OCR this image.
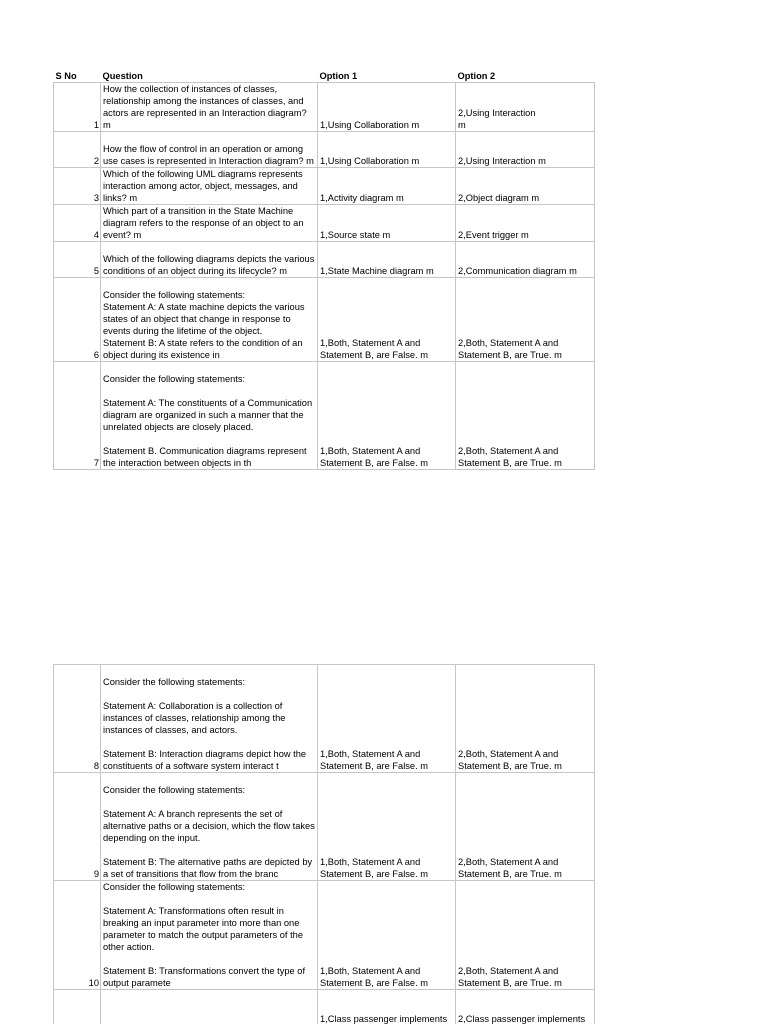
S No	Question	Option 1	Option 2
1	How the collection of instances of classes, relationship among the instances of classes, and actors are represented in an Interaction diagram? m	1,Using Collaboration m	2,Using Interaction
m
2	How the flow of control in an operation or among use cases is represented in Interaction diagram? m	1,Using Collaboration m	2,Using Interaction m
3	Which of the following UML diagrams represents interaction among actor, object, messages, and links? m	1,Activity diagram m	2,Object diagram m
4	Which part of a transition in the State Machine diagram refers to the response of an object to an event? m	1,Source state m	2,Event trigger m
5	Which of the following diagrams depicts the various conditions of an object during its lifecycle? m	1,State Machine diagram m	2,Communication diagram m
6	Consider the following statements:
Statement A: A state machine depicts the various states of an object that change in response to events during the lifetime of the object.
Statement B: A state refers to the condition of an object during its existence in	1,Both, Statement A and Statement B, are False. m	2,Both, Statement A and Statement B, are True. m
7	Consider the following statements:

Statement A: The constituents of a Communication diagram are organized in such a manner that the unrelated objects are closely placed.

Statement B. Communication diagrams represent the interaction between objects in th	1,Both, Statement A and Statement B, are False. m	2,Both, Statement A and Statement B, are True. m
8	Consider the following statements:

Statement A: Collaboration is a collection of instances of classes, relationship among the instances of classes, and actors.

Statement B: Interaction diagrams depict how the constituents of a software system interact t	1,Both, Statement A and Statement B, are False. m	2,Both, Statement A and Statement B, are True. m
9	Consider the following statements:

Statement A: A branch represents the set of alternative paths or a decision, which the flow takes depending on the input.

Statement B: The alternative paths are depicted by a set of transitions that flow from the branc	1,Both, Statement A and Statement B, are False. m	2,Both, Statement A and Statement B, are True. m
10	Consider the following statements:

Statement A: Transformations often result in breaking an input parameter into more than one parameter to match the output parameters of the other action.

Statement B: Transformations convert the type of output paramete	1,Both, Statement A and Statement B, are False. m	2,Both, Statement A and Statement B, are True. m
		1,Class passenger implements	2,Class passenger implements
